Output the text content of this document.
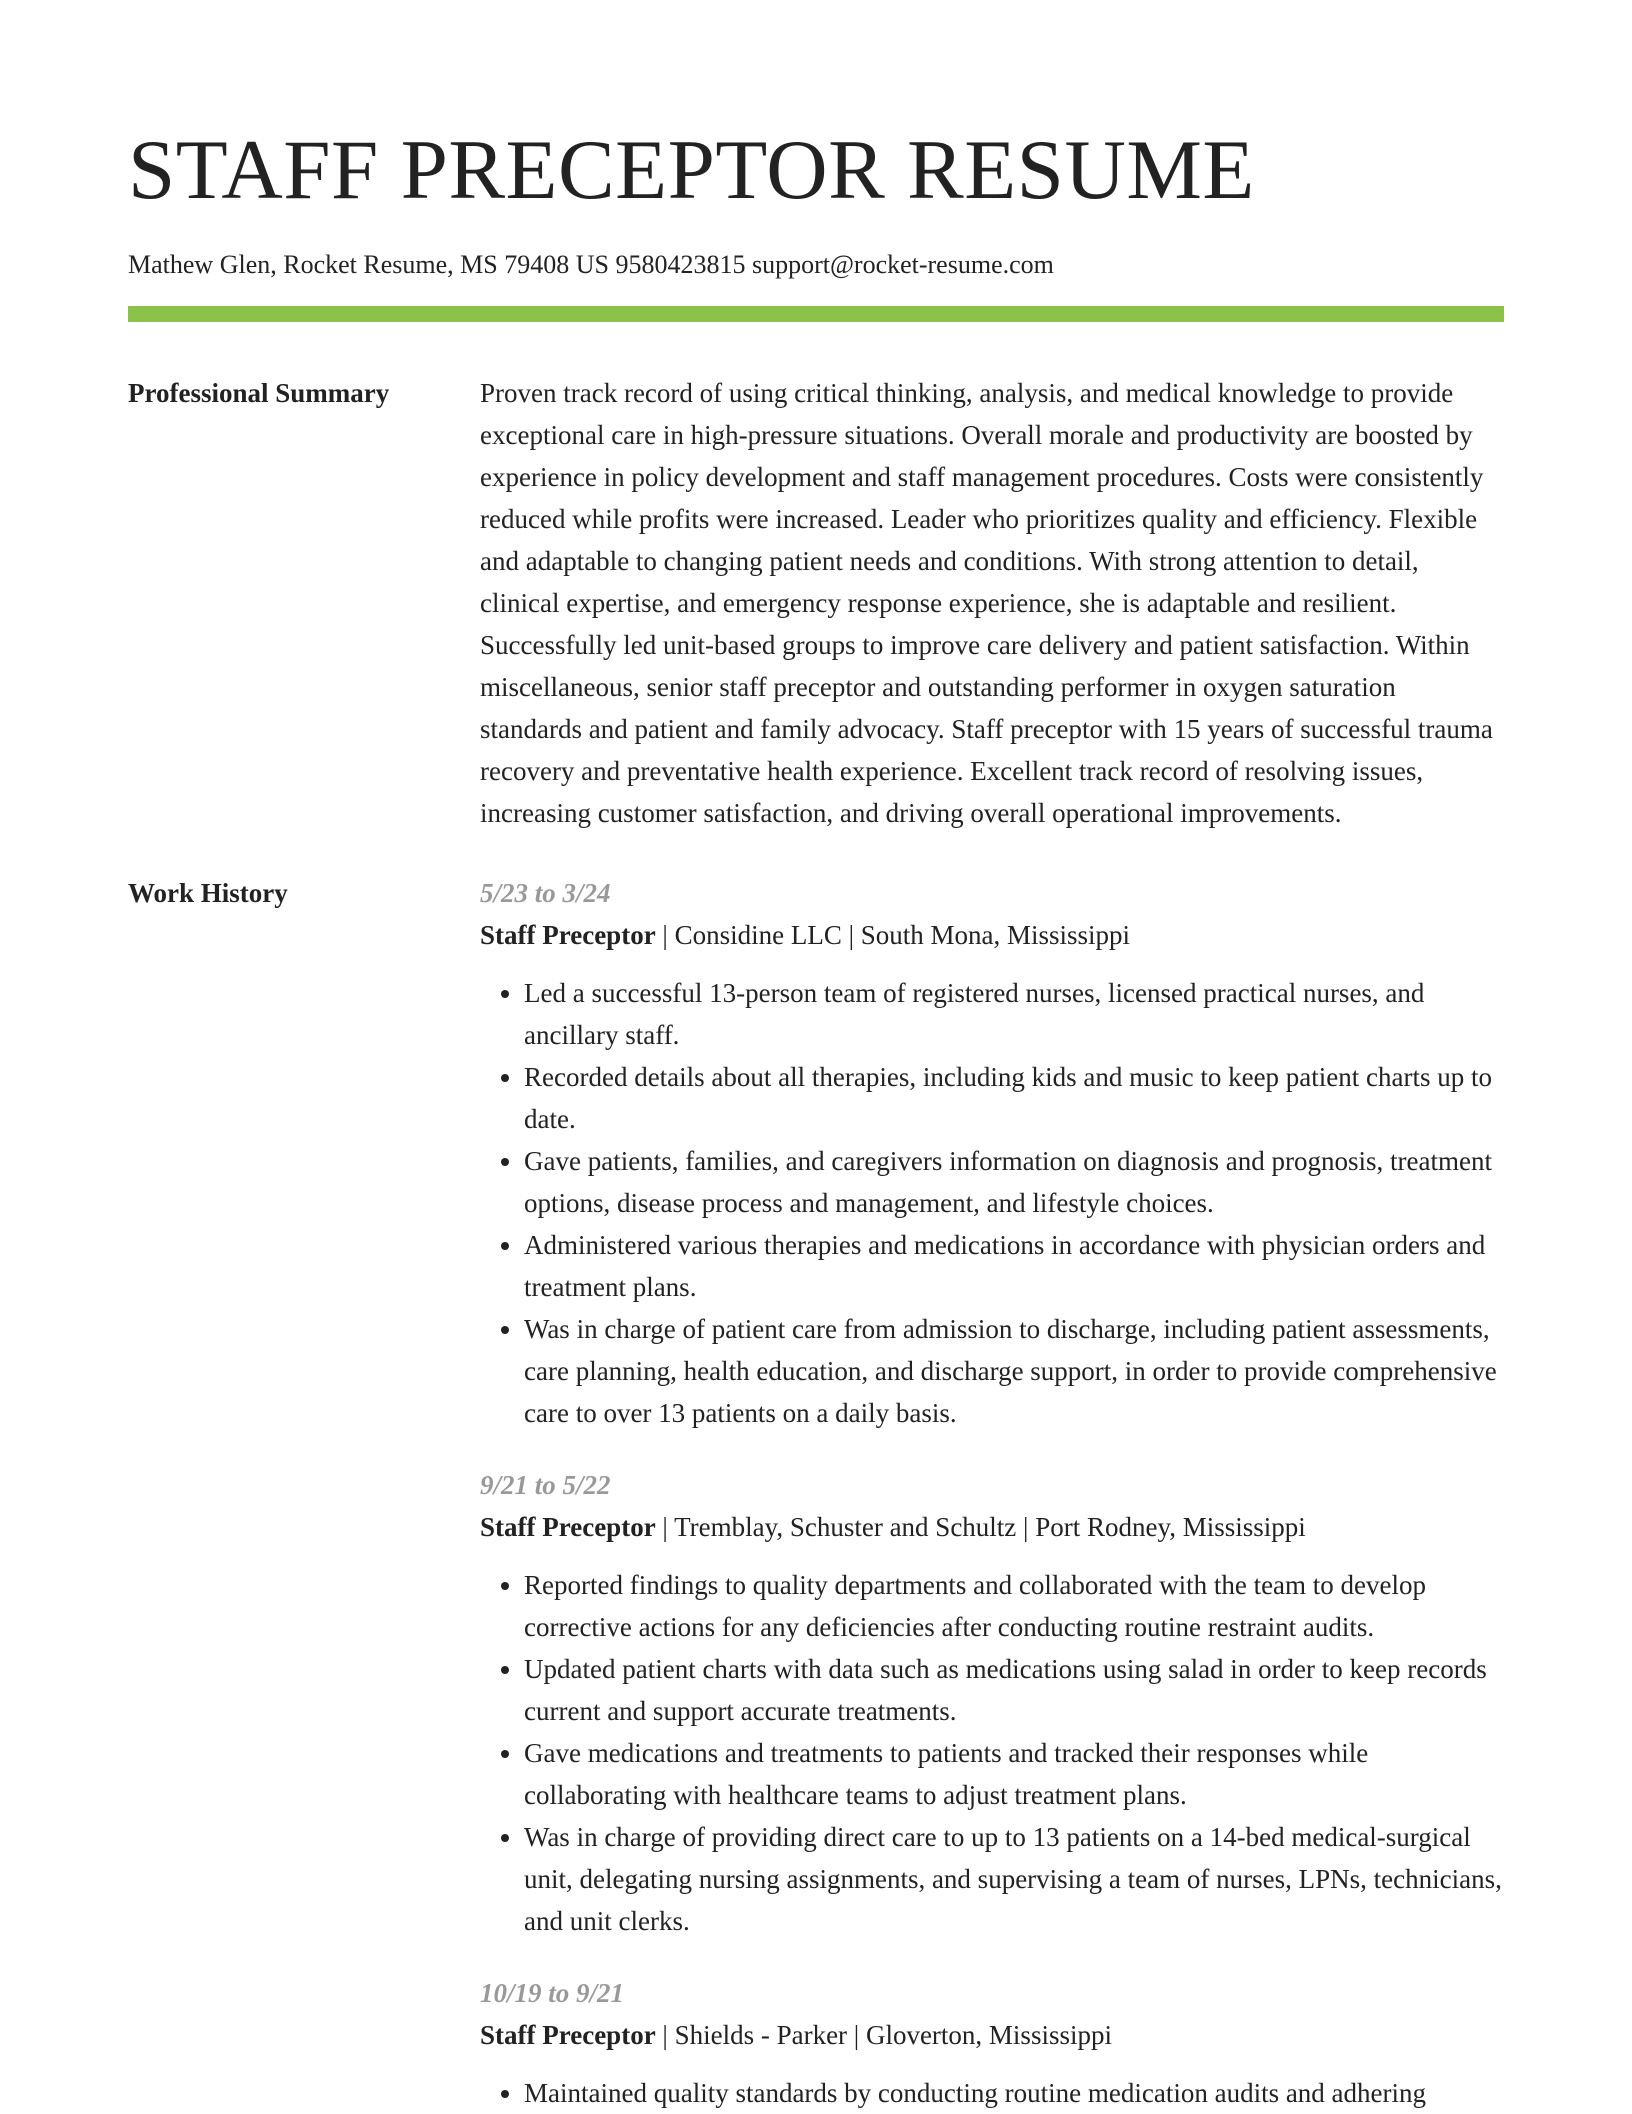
STAFF PRECEPTOR RESUME
Mathew Glen, Rocket Resume, MS 79408 US 9580423815 support@rocket-resume.com
Professional Summary	Proven track record of using critical thinking, analysis, and medical knowledge to provide exceptional care in high-pressure situations. Overall morale and productivity are boosted by experience in policy development and staff management procedures. Costs were consistently reduced while profits were increased. Leader who prioritizes quality and efficiency. Flexible and adaptable to changing patient needs and conditions. With strong attention to detail, clinical expertise, and emergency response experience, she is adaptable and resilient. Successfully led unit-based groups to improve care delivery and patient satisfaction. Within miscellaneous, senior staff preceptor and outstanding performer in oxygen saturation standards and patient and family advocacy. Staff preceptor with 15 years of successful trauma recovery and preventative health experience. Excellent track record of resolving issues, increasing customer satisfaction, and driving overall operational improvements.

Work History	5/23 to 3/24
Staff Preceptor | Considine LLC | South Mona, Mississippi
• Led a successful 13-person team of registered nurses, licensed practical nurses, and ancillary staff.
• Recorded details about all therapies, including kids and music to keep patient charts up to date.
• Gave patients, families, and caregivers information on diagnosis and prognosis, treatment options, disease process and management, and lifestyle choices.
• Administered various therapies and medications in accordance with physician orders and treatment plans.
• Was in charge of patient care from admission to discharge, including patient assessments, care planning, health education, and discharge support, in order to provide comprehensive care to over 13 patients on a daily basis.
9/21 to 5/22
Staff Preceptor | Tremblay, Schuster and Schultz | Port Rodney, Mississippi
• Reported findings to quality departments and collaborated with the team to develop corrective actions for any deficiencies after conducting routine restraint audits.
• Updated patient charts with data such as medications using salad in order to keep records current and support accurate treatments.
• Gave medications and treatments to patients and tracked their responses while collaborating with healthcare teams to adjust treatment plans.
• Was in charge of providing direct care to up to 13 patients on a 14-bed medical-surgical unit, delegating nursing assignments, and supervising a team of nurses, LPNs, technicians, and unit clerks.
10/19 to 9/21
Staff Preceptor | Shields - Parker | Gloverton, Mississippi
• Maintained quality standards by conducting routine medication audits and adhering
